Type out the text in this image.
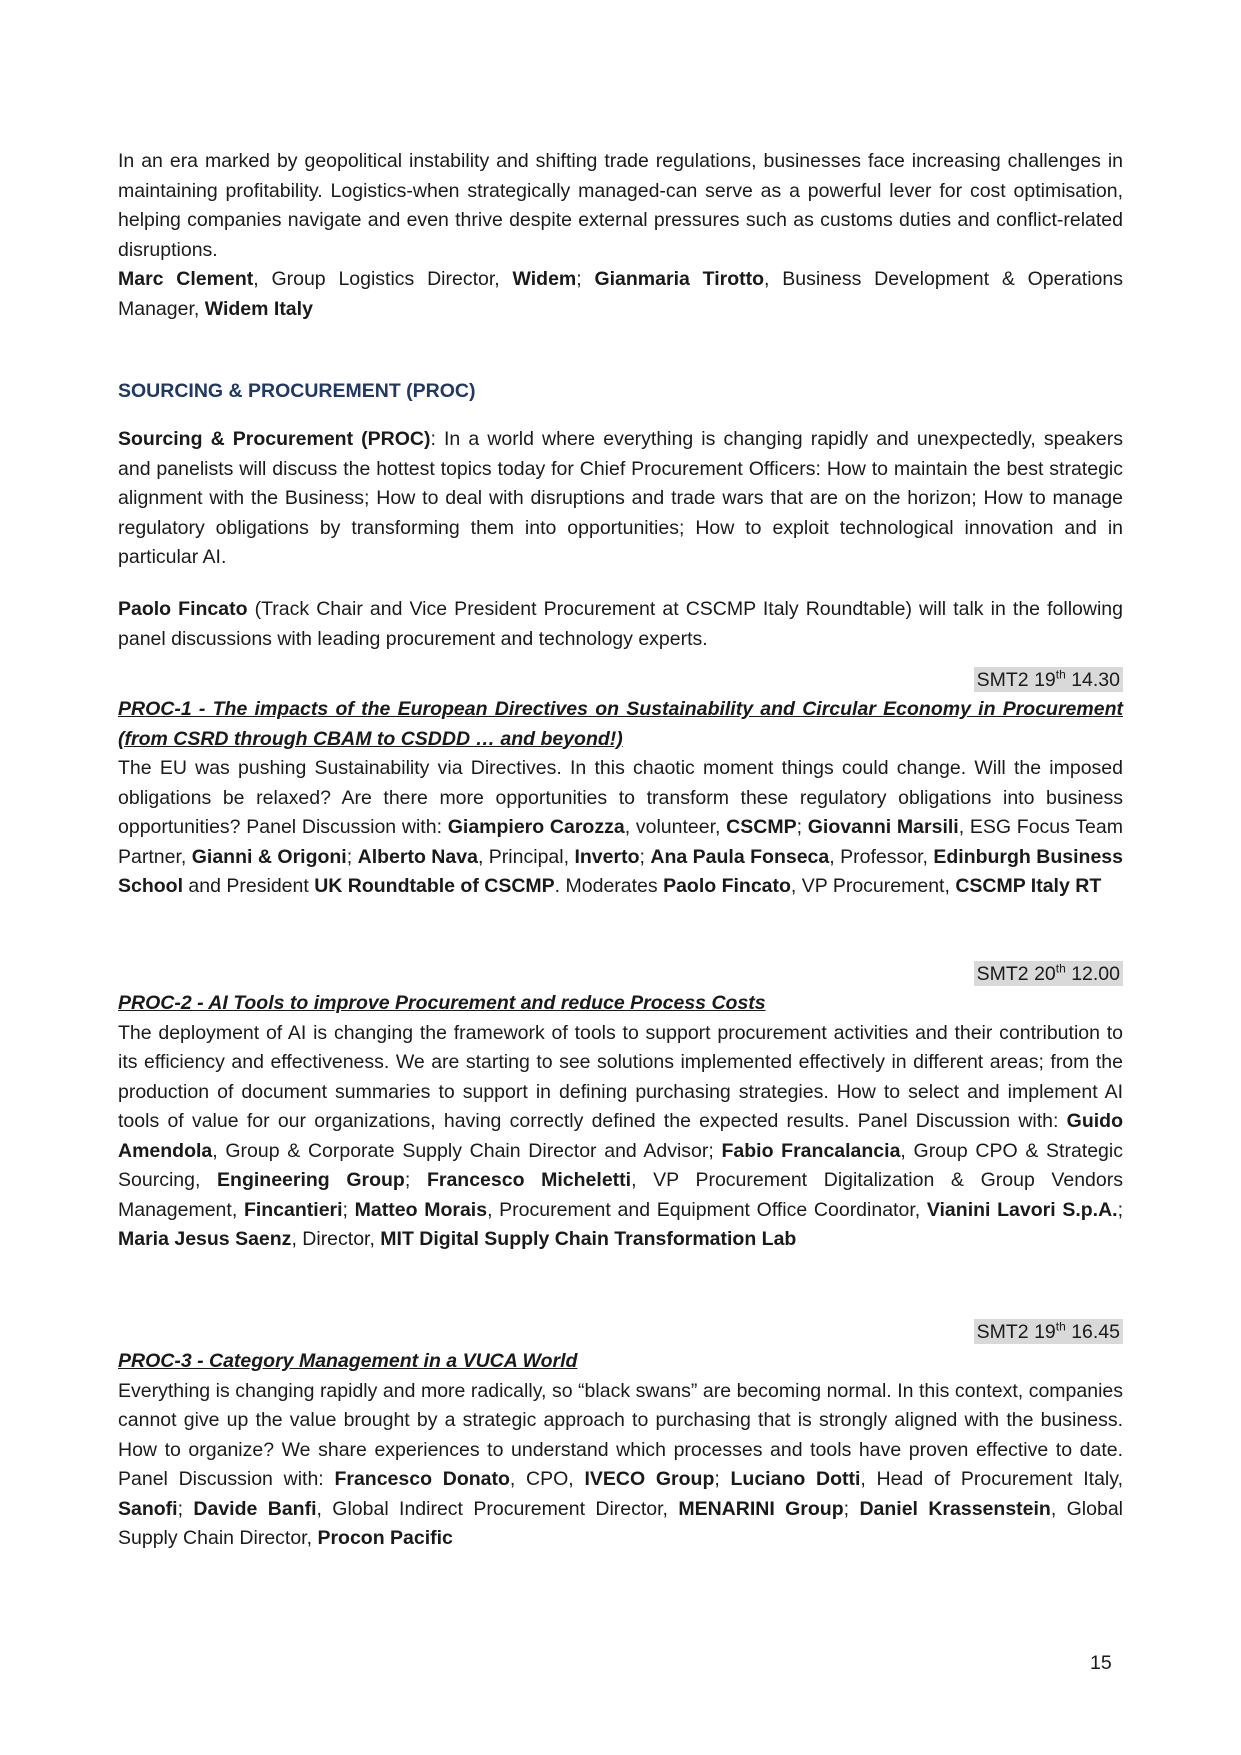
In an era marked by geopolitical instability and shifting trade regulations, businesses face increasing challenges in maintaining profitability. Logistics-when strategically managed-can serve as a powerful lever for cost optimisation, helping companies navigate and even thrive despite external pressures such as customs duties and conflict-related disruptions.

Marc Clement, Group Logistics Director, Widem; Gianmaria Tirotto, Business Development & Operations Manager, Widem Italy

SOURCING & PROCUREMENT (PROC)

Sourcing & Procurement (PROC): In a world where everything is changing rapidly and unexpectedly, speakers and panelists will discuss the hottest topics today for Chief Procurement Officers: How to maintain the best strategic alignment with the Business; How to deal with disruptions and trade wars that are on the horizon; How to manage regulatory obligations by transforming them into opportunities; How to exploit technological innovation and in particular AI.

Paolo Fincato (Track Chair and Vice President Procurement at CSCMP Italy Roundtable) will talk in the following panel discussions with leading procurement and technology experts.

SMT2 19th 14.30

PROC-1 - The impacts of the European Directives on Sustainability and Circular Economy in Procurement (from CSRD through CBAM to CSDDD … and beyond!)

The EU was pushing Sustainability via Directives. In this chaotic moment things could change. Will the imposed obligations be relaxed? Are there more opportunities to transform these regulatory obligations into business opportunities? Panel Discussion with: Giampiero Carozza, volunteer, CSCMP; Giovanni Marsili, ESG Focus Team Partner, Gianni & Origoni; Alberto Nava, Principal, Inverto; Ana Paula Fonseca, Professor, Edinburgh Business School and President UK Roundtable of CSCMP. Moderates Paolo Fincato, VP Procurement, CSCMP Italy RT

SMT2 20th 12.00

PROC-2 - AI Tools to improve Procurement and reduce Process Costs

The deployment of AI is changing the framework of tools to support procurement activities and their contribution to its efficiency and effectiveness. We are starting to see solutions implemented effectively in different areas; from the production of document summaries to support in defining purchasing strategies. How to select and implement AI tools of value for our organizations, having correctly defined the expected results. Panel Discussion with: Guido Amendola, Group & Corporate Supply Chain Director and Advisor; Fabio Francalancia, Group CPO & Strategic Sourcing, Engineering Group; Francesco Micheletti, VP Procurement Digitalization & Group Vendors Management, Fincantieri; Matteo Morais, Procurement and Equipment Office Coordinator, Vianini Lavori S.p.A.; Maria Jesus Saenz, Director, MIT Digital Supply Chain Transformation Lab

SMT2 19th 16.45

PROC-3 - Category Management in a VUCA World

Everything is changing rapidly and more radically, so “black swans” are becoming normal. In this context, companies cannot give up the value brought by a strategic approach to purchasing that is strongly aligned with the business. How to organize? We share experiences to understand which processes and tools have proven effective to date. Panel Discussion with: Francesco Donato, CPO, IVECO Group; Luciano Dotti, Head of Procurement Italy, Sanofi; Davide Banfi, Global Indirect Procurement Director, MENARINI Group; Daniel Krassenstein, Global Supply Chain Director, Procon Pacific

15
